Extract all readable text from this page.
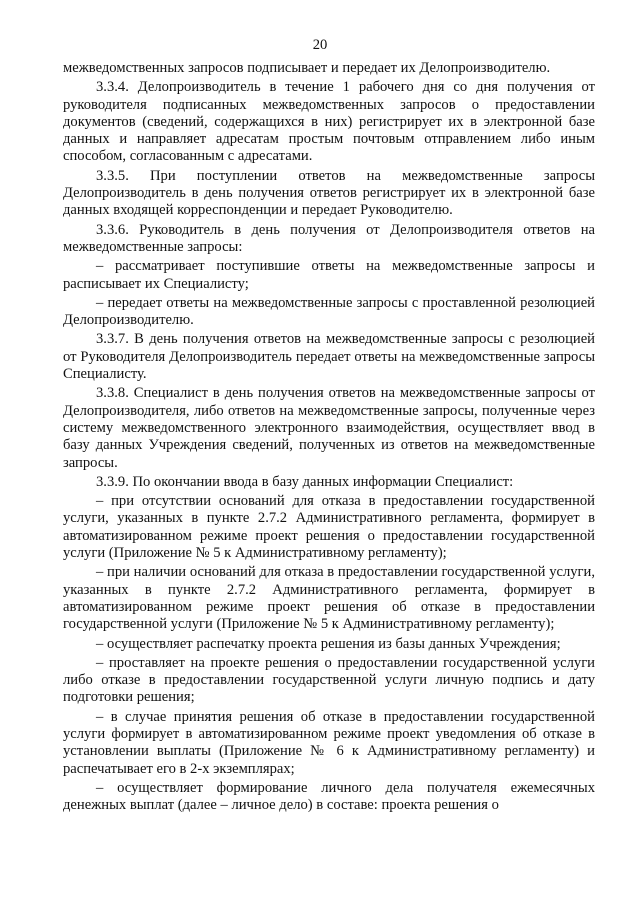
20

межведомственных запросов подписывает и передает их Делопроизводителю.

3.3.4. Делопроизводитель в течение 1 рабочего дня со дня получения от руководителя подписанных межведомственных запросов о предоставлении документов (сведений, содержащихся в них) регистрирует их в электронной базе данных и направляет адресатам простым почтовым отправлением либо иным способом, согласованным с адресатами.

3.3.5. При поступлении ответов на межведомственные запросы Делопроизводитель в день получения ответов регистрирует их в электронной базе данных входящей корреспонденции и передает Руководителю.

3.3.6. Руководитель в день получения от Делопроизводителя ответов на межведомственные запросы:

– рассматривает поступившие ответы на межведомственные запросы и расписывает их Специалисту;

– передает ответы на межведомственные запросы с проставленной резолюцией Делопроизводителю.

3.3.7. В день получения ответов на межведомственные запросы с резолюцией от Руководителя Делопроизводитель передает ответы на межведомственные запросы Специалисту.

3.3.8. Специалист в день получения ответов на межведомственные запросы от Делопроизводителя, либо ответов на межведомственные запросы, полученные через систему межведомственного электронного взаимодействия, осуществляет ввод в базу данных Учреждения сведений, полученных из ответов на межведомственные запросы.

3.3.9. По окончании ввода в базу данных информации Специалист:

– при отсутствии оснований для отказа в предоставлении государственной услуги, указанных в пункте 2.7.2 Административного регламента, формирует в автоматизированном режиме проект решения о предоставлении государственной услуги (Приложение № 5 к Административному регламенту);

– при наличии оснований для отказа в предоставлении государственной услуги, указанных в пункте 2.7.2 Административного регламента, формирует в автоматизированном режиме проект решения об отказе в предоставлении государственной услуги (Приложение № 5 к Административному регламенту);

– осуществляет распечатку проекта решения из базы данных Учреждения;

– проставляет на проекте решения о предоставлении государственной услуги либо отказе в предоставлении государственной услуги личную подпись и дату подготовки решения;

– в случае принятия решения об отказе в предоставлении государственной услуги формирует в автоматизированном режиме проект уведомления об отказе в установлении выплаты (Приложение № 6 к Административному регламенту) и распечатывает его в 2-х экземплярах;

– осуществляет формирование личного дела получателя ежемесячных денежных выплат (далее – личное дело) в составе: проекта решения о
